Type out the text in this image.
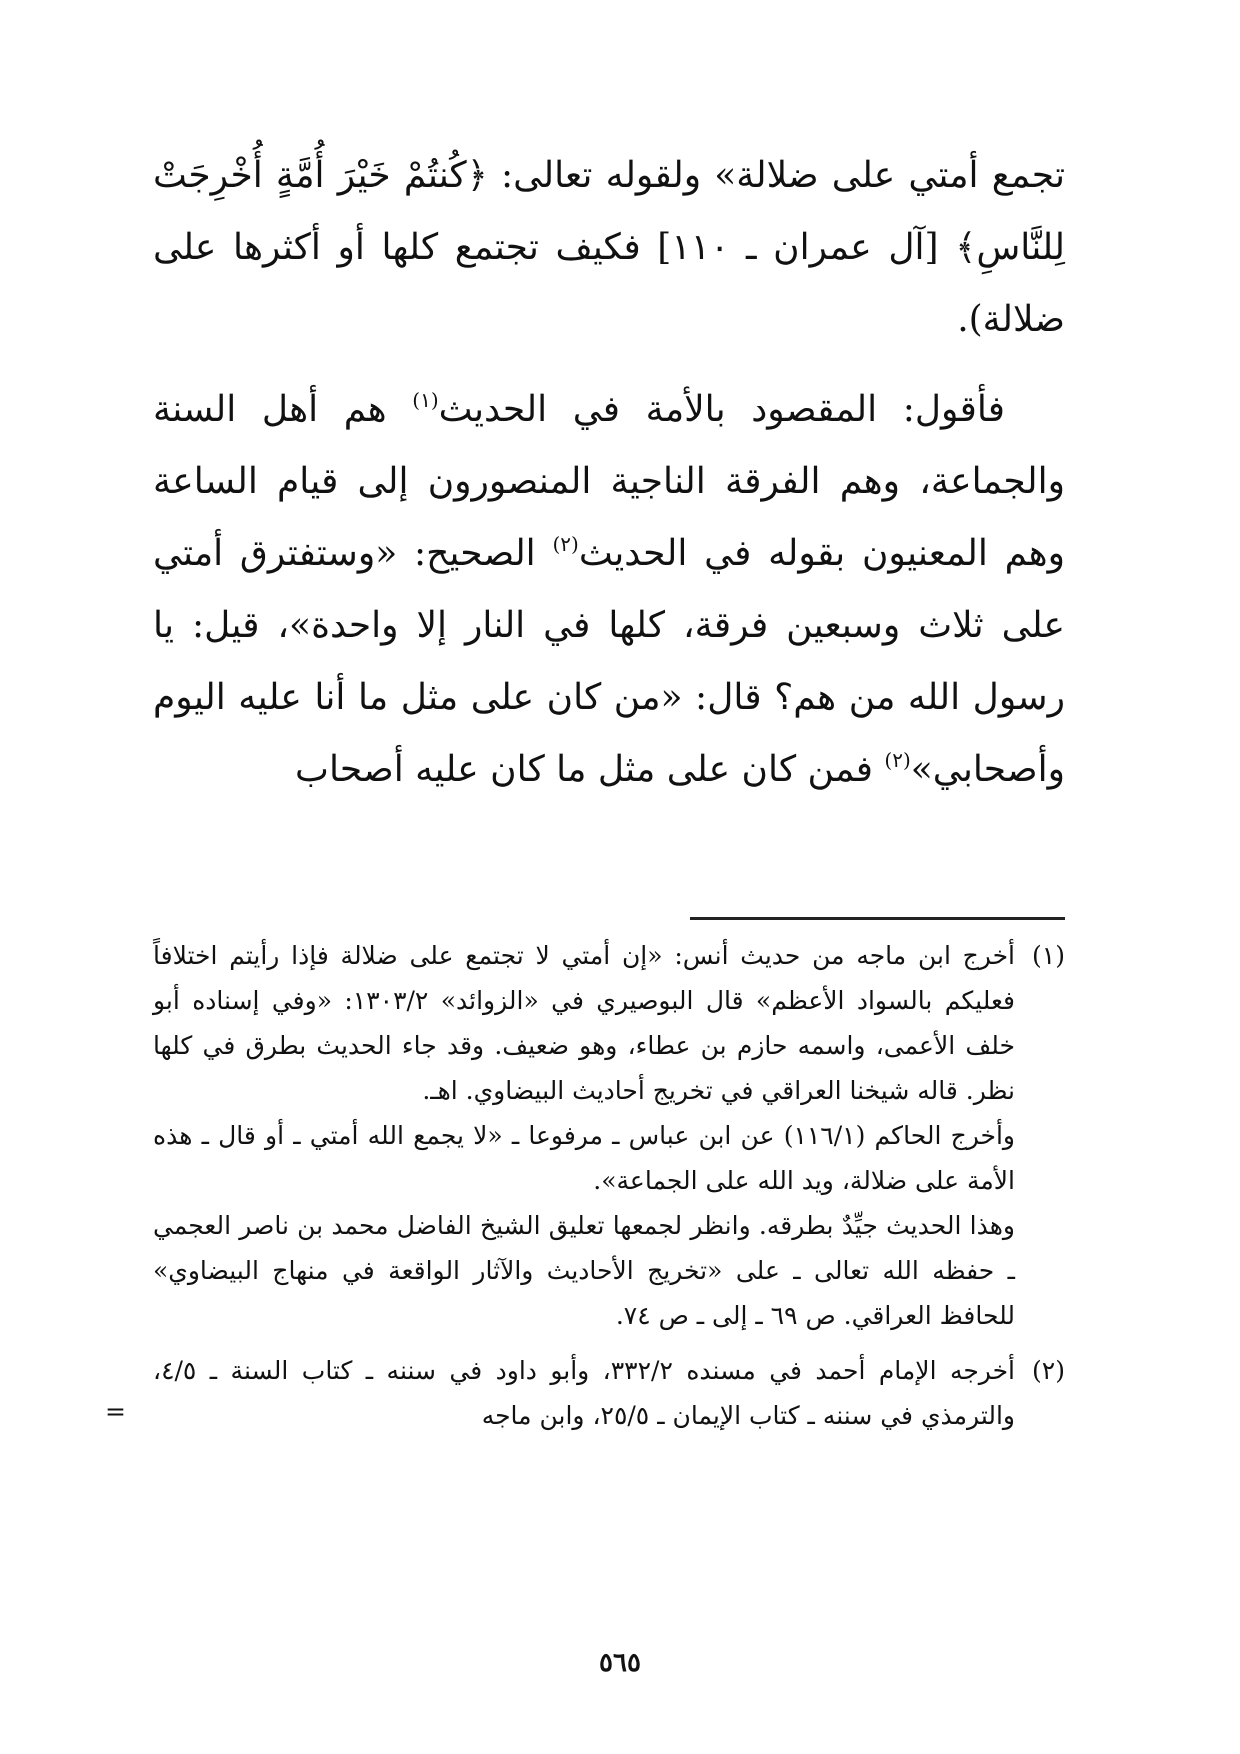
تجمع أمتي على ضلالة» ولقوله تعالى: ﴿كُنتُمْ خَيْرَ أُمَّةٍ أُخْرِجَتْ لِلنَّاسِ﴾ [آل عمران ـ ١١٠] فكيف تجتمع كلها أو أكثرها على ضلالة).

فأقول: المقصود بالأمة في الحديث$^{(١)}$ هم أهل السنة والجماعة، وهم الفرقة الناجية المنصورون إلى قيام الساعة وهم المعنيون بقوله في الحديث$^{(٢)}$ الصحيح: «وستفترق أمتي على ثلاث وسبعين فرقة، كلها في النار إلا واحدة»، قيل: يا رسول الله من هم؟ قال: «من كان على مثل ما أنا عليه اليوم وأصحابي»$^{(٢)}$ فمن كان على مثل ما كان عليه أصحاب

(١)

أخرج ابن ماجه من حديث أنس: «إن أمتي لا تجتمع على ضلالة فإذا رأيتم اختلافاً فعليكم بالسواد الأعظم» قال البوصيري في «الزوائد» ١٣٠٣/٢: «وفي إسناده أبو خلف الأعمى، واسمه حازم بن عطاء، وهو ضعيف. وقد جاء الحديث بطرق في كلها نظر. قاله شيخنا العراقي في تخريج أحاديث البيضاوي. اهـ.

وأخرج الحاكم (١١٦/١) عن ابن عباس ـ مرفوعا ـ «لا يجمع الله أمتي ـ أو قال ـ هذه الأمة على ضلالة، ويد الله على الجماعة».

وهذا الحديث جيِّدٌ بطرقه. وانظر لجمعها تعليق الشيخ الفاضل محمد بن ناصر العجمي ـ حفظه الله تعالى ـ على «تخريج الأحاديث والآثار الواقعة في منهاج البيضاوي» للحافظ العراقي. ص ٦٩ ـ إلى ـ ص ٧٤.

(٢)

أخرجه الإمام أحمد في مسنده ٣٣٢/٢، وأبو داود في سننه ـ كتاب السنة ـ ٤/٥، والترمذي في سننه ـ كتاب الإيمان ـ ٢٥/٥، وابن ماجه

=
٥٦٥
